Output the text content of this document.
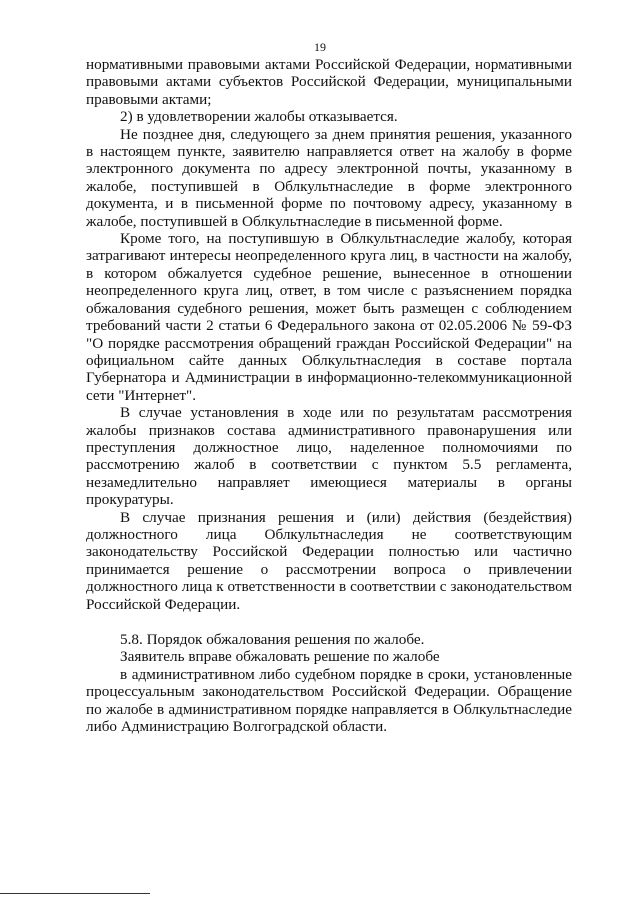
19

нормативными правовыми актами Российской Федерации, нормативными правовыми актами субъектов Российской Федерации, муниципальными правовыми актами;

2) в удовлетворении жалобы отказывается.

Не позднее дня, следующего за днем принятия решения, указанного в настоящем пункте, заявителю направляется ответ на жалобу в форме электронного документа по адресу электронной почты, указанному в жалобе, поступившей в Облкультнаследие в форме электронного документа, и в письменной форме по почтовому адресу, указанному в жалобе, поступившей в Облкультнаследие в письменной форме.

Кроме того, на поступившую в Облкультнаследие жалобу, которая затрагивают интересы неопределенного круга лиц, в частности на жалобу, в котором обжалуется судебное решение, вынесенное в отношении неопределенного круга лиц, ответ, в том числе с разъяснением порядка обжалования судебного решения, может быть размещен с соблюдением требований части 2 статьи 6 Федерального закона от 02.05.2006 № 59-ФЗ "О порядке рассмотрения обращений граждан Российской Федерации" на официальном сайте данных Облкультнаследия в составе портала Губернатора и Администрации в информационно-телекоммуникационной сети "Интернет".

В случае установления в ходе или по результатам рассмотрения жалобы признаков состава административного правонарушения или преступления должностное лицо, наделенное полномочиями по рассмотрению жалоб в соответствии с пунктом 5.5 регламента, незамедлительно направляет имеющиеся материалы в органы прокуратуры.

В случае признания решения и (или) действия (бездействия) должностного лица Облкультнаследия не соответствующим законодательству Российской Федерации полностью или частично принимается решение о рассмотрении вопроса о привлечении должностного лица к ответственности в соответствии с законодательством Российской Федерации.

5.8. Порядок обжалования решения по жалобе.

Заявитель вправе обжаловать решение по жалобе

в административном либо судебном порядке в сроки, установленные процессуальным законодательством Российской Федерации. Обращение по жалобе в административном порядке направляется в Облкультнаследие либо Администрацию Волгоградской области.
